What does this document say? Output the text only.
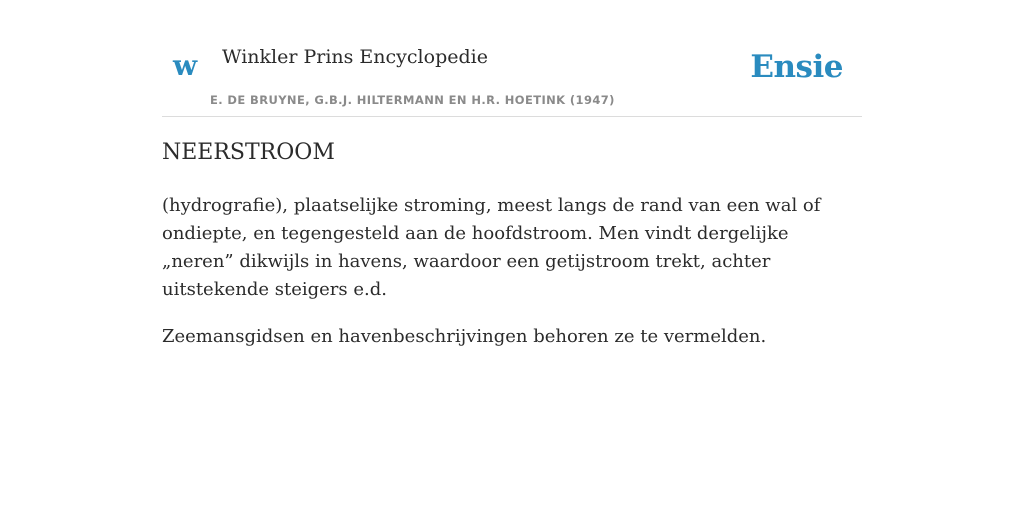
w Winkler Prins Encyclopedie
E. DE BRUYNE, G.B.J. HILTERMANN EN H.R. HOETINK (1947)
Ensie
NEERSTROOM

(hydrografie), plaatselijke stroming, meest langs de rand van een wal of ondiepte, en tegengesteld aan de hoofdstroom. Men vindt dergelijke „neren” dikwijls in havens, waardoor een getijstroom trekt, achter uitstekende steigers e.d.

Zeemansgidsen en havenbeschrijvingen behoren ze te vermelden.
